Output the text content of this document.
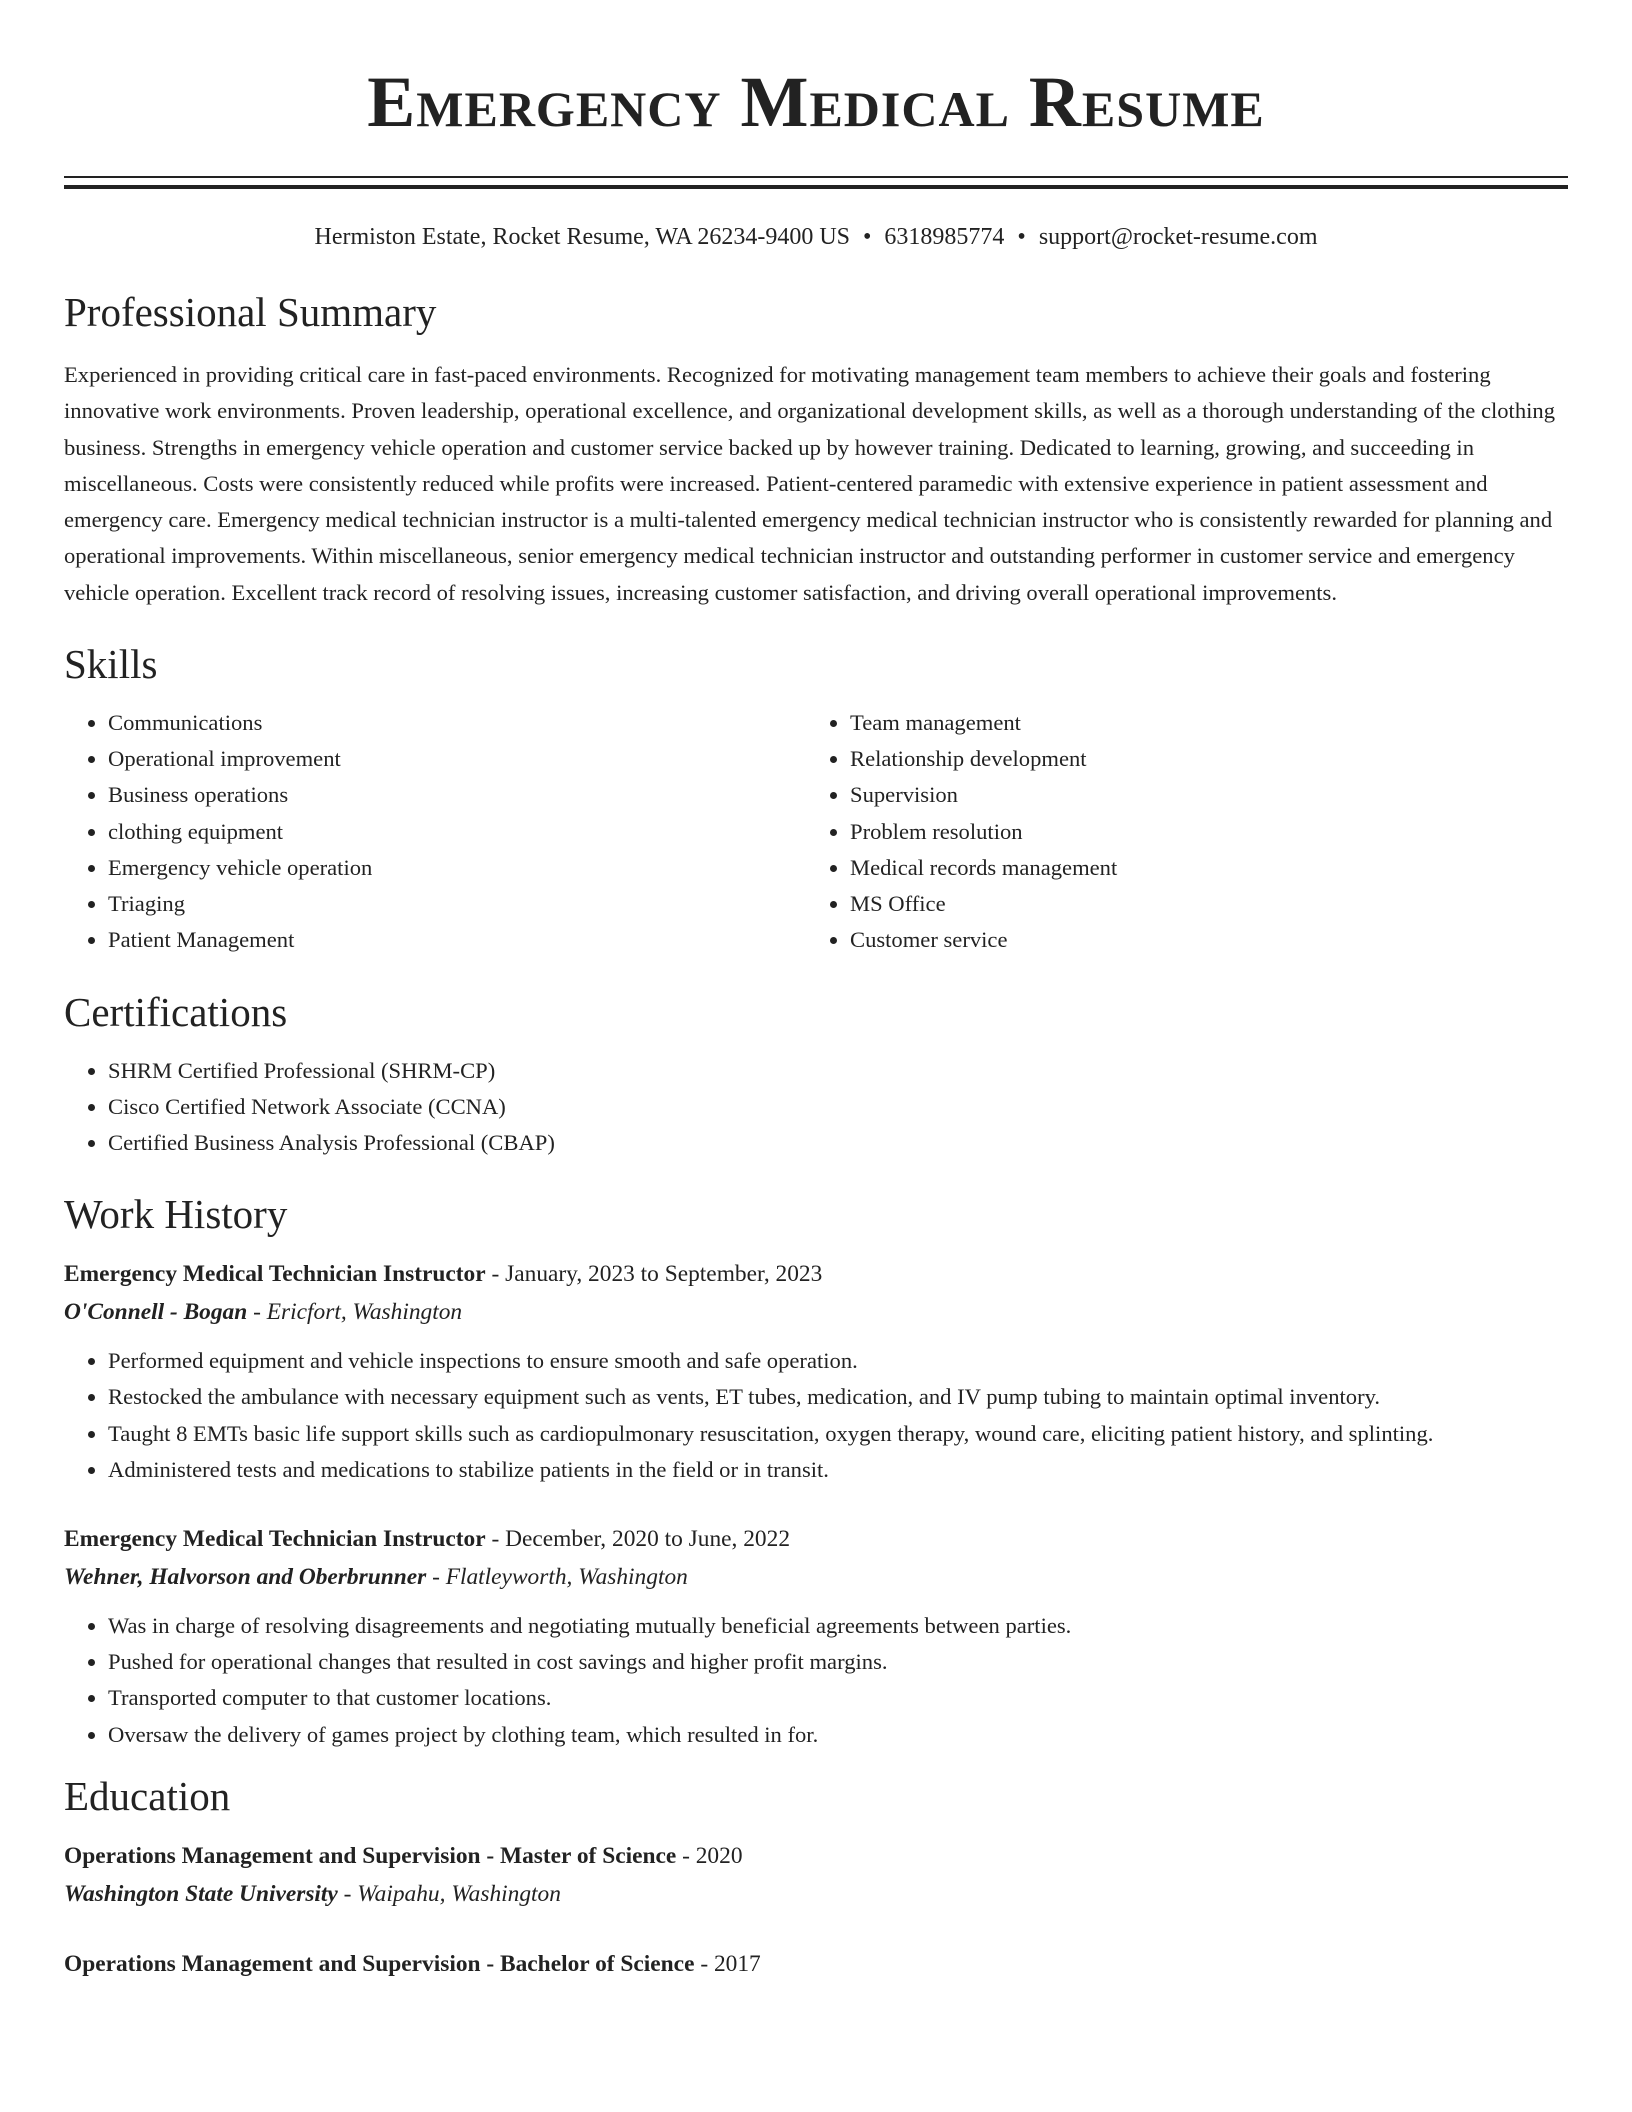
Emergency Medical Resume
Hermiston Estate, Rocket Resume, WA 26234-9400 US • 6318985774 • support@rocket-resume.com
Professional Summary

Experienced in providing critical care in fast-paced environments. Recognized for motivating management team members to achieve their goals and fostering innovative work environments. Proven leadership, operational excellence, and organizational development skills, as well as a thorough understanding of the clothing business. Strengths in emergency vehicle operation and customer service backed up by however training. Dedicated to learning, growing, and succeeding in miscellaneous. Costs were consistently reduced while profits were increased. Patient-centered paramedic with extensive experience in patient assessment and emergency care. Emergency medical technician instructor is a multi-talented emergency medical technician instructor who is consistently rewarded for planning and operational improvements. Within miscellaneous, senior emergency medical technician instructor and outstanding performer in customer service and emergency vehicle operation. Excellent track record of resolving issues, increasing customer satisfaction, and driving overall operational improvements.

Skills
• Communications
• Operational improvement
• Business operations
• clothing equipment
• Emergency vehicle operation
• Triaging
• Patient Management
• Team management
• Relationship development
• Supervision
• Problem resolution
• Medical records management
• MS Office
• Customer service
Certifications
• SHRM Certified Professional (SHRM-CP)
• Cisco Certified Network Associate (CCNA)
• Certified Business Analysis Professional (CBAP)
Work History
Emergency Medical Technician Instructor - January, 2023 to September, 2023
O'Connell - Bogan - Ericfort, Washington
• Performed equipment and vehicle inspections to ensure smooth and safe operation.
• Restocked the ambulance with necessary equipment such as vents, ET tubes, medication, and IV pump tubing to maintain optimal inventory.
• Taught 8 EMTs basic life support skills such as cardiopulmonary resuscitation, oxygen therapy, wound care, eliciting patient history, and splinting.
• Administered tests and medications to stabilize patients in the field or in transit.
Emergency Medical Technician Instructor - December, 2020 to June, 2022
Wehner, Halvorson and Oberbrunner - Flatleyworth, Washington
• Was in charge of resolving disagreements and negotiating mutually beneficial agreements between parties.
• Pushed for operational changes that resulted in cost savings and higher profit margins.
• Transported computer to that customer locations.
• Oversaw the delivery of games project by clothing team, which resulted in for.
Education
Operations Management and Supervision - Master of Science - 2020
Washington State University - Waipahu, Washington
Operations Management and Supervision - Bachelor of Science - 2017
